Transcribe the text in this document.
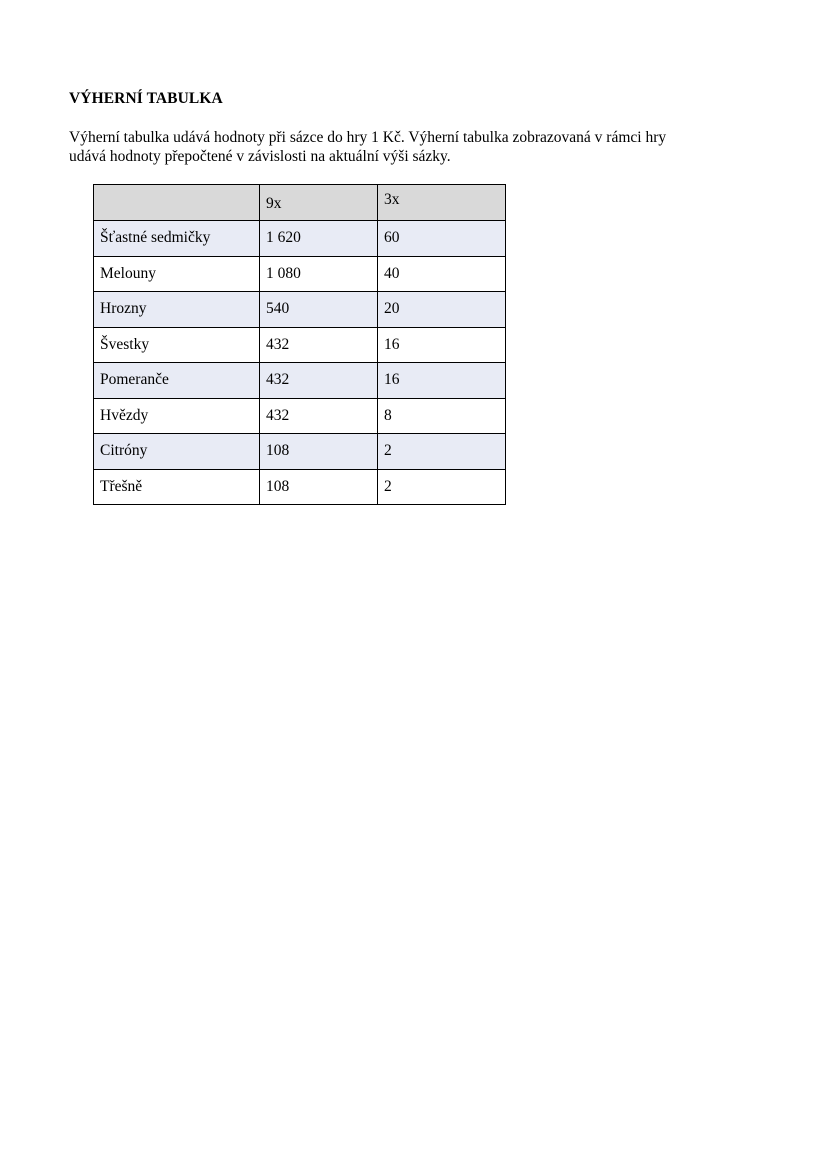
VÝHERNÍ TABULKA

Výherní tabulka udává hodnoty při sázce do hry 1 Kč. Výherní tabulka zobrazovaná v rámci hry
udává hodnoty přepočtené v závislosti na aktuální výši sázky.

	9x	3x
Šťastné sedmičky	1 620	60
Melouny	1 080	40
Hrozny	540	20
Švestky	432	16
Pomeranče	432	16
Hvězdy	432	8
Citróny	108	2
Třešně	108	2
